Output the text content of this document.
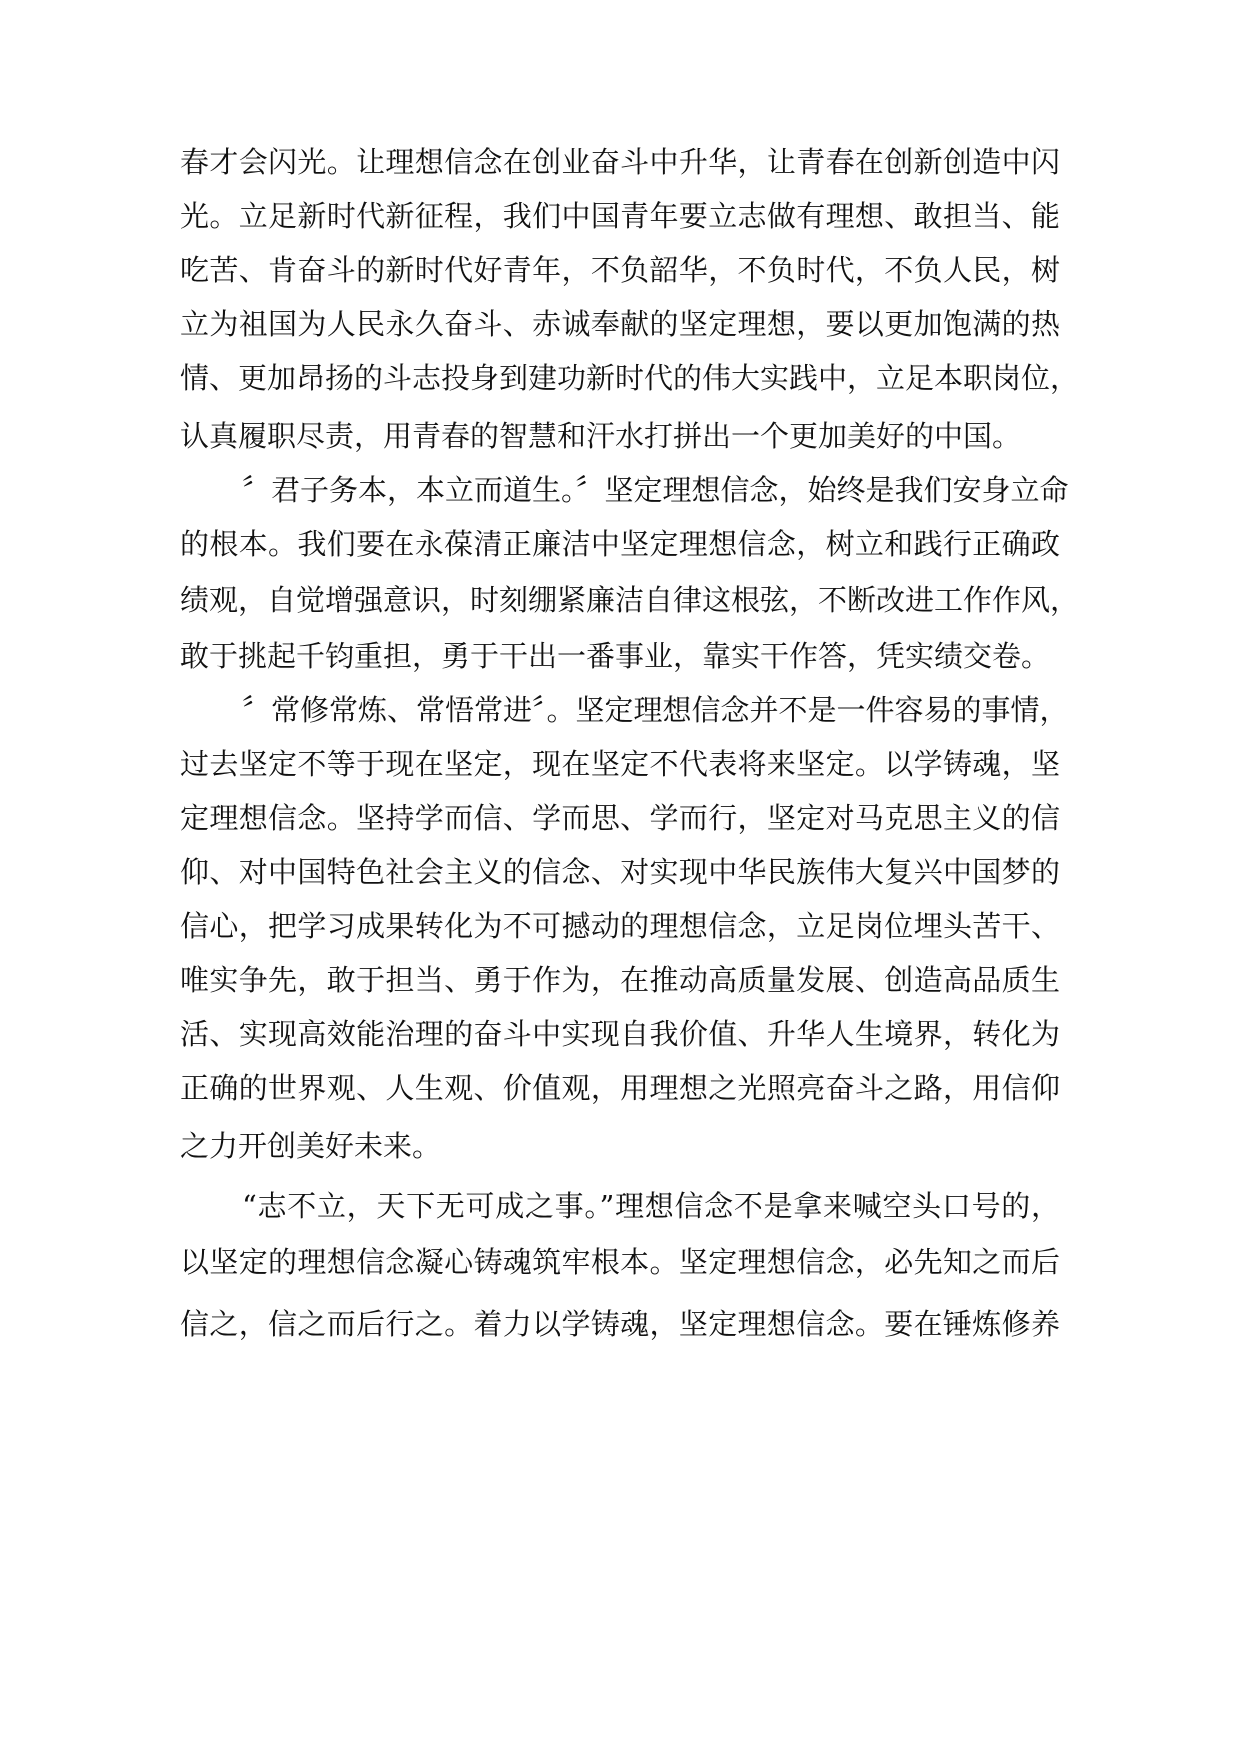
春才会闪光。让理想信念在创业奋斗中升华，让青春在创新创造中闪

光。立足新时代新征程，我们中国青年要立志做有理想、敢担当、能

吃苦、肯奋斗的新时代好青年，不负韶华，不负时代，不负人民，树

立为祖国为人民永久奋斗、赤诚奉献的坚定理想，要以更加饱满的热

情、更加昂扬的斗志投身到建功新时代的伟大实践中，立足本职岗位，

认真履职尽责，用青春的智慧和汗水打拼出一个更加美好的中国。

〞君子务本，本立而道生。〞坚定理想信念，始终是我们安身立命

的根本。我们要在永葆清正廉洁中坚定理想信念，树立和践行正确政

绩观，自觉增强意识，时刻绷紧廉洁自律这根弦，不断改进工作作风，

敢于挑起千钧重担，勇于干出一番事业，靠实干作答，凭实绩交卷。

〞常修常炼、常悟常进〞。坚定理想信念并不是一件容易的事情，

过去坚定不等于现在坚定，现在坚定不代表将来坚定。以学铸魂，坚

定理想信念。坚持学而信、学而思、学而行，坚定对马克思主义的信

仰、对中国特色社会主义的信念、对实现中华民族伟大复兴中国梦的

信心，把学习成果转化为不可撼动的理想信念，立足岗位埋头苦干、

唯实争先，敢于担当、勇于作为，在推动高质量发展、创造高品质生

活、实现高效能治理的奋斗中实现自我价值、升华人生境界，转化为

正确的世界观、人生观、价值观，用理想之光照亮奋斗之路，用信仰

之力开创美好未来。

“志不立，天下无可成之事。”理想信念不是拿来喊空头口号的，

以坚定的理想信念凝心铸魂筑牢根本。坚定理想信念，必先知之而后

信之，信之而后行之。着力以学铸魂，坚定理想信念。要在锤炼修养
